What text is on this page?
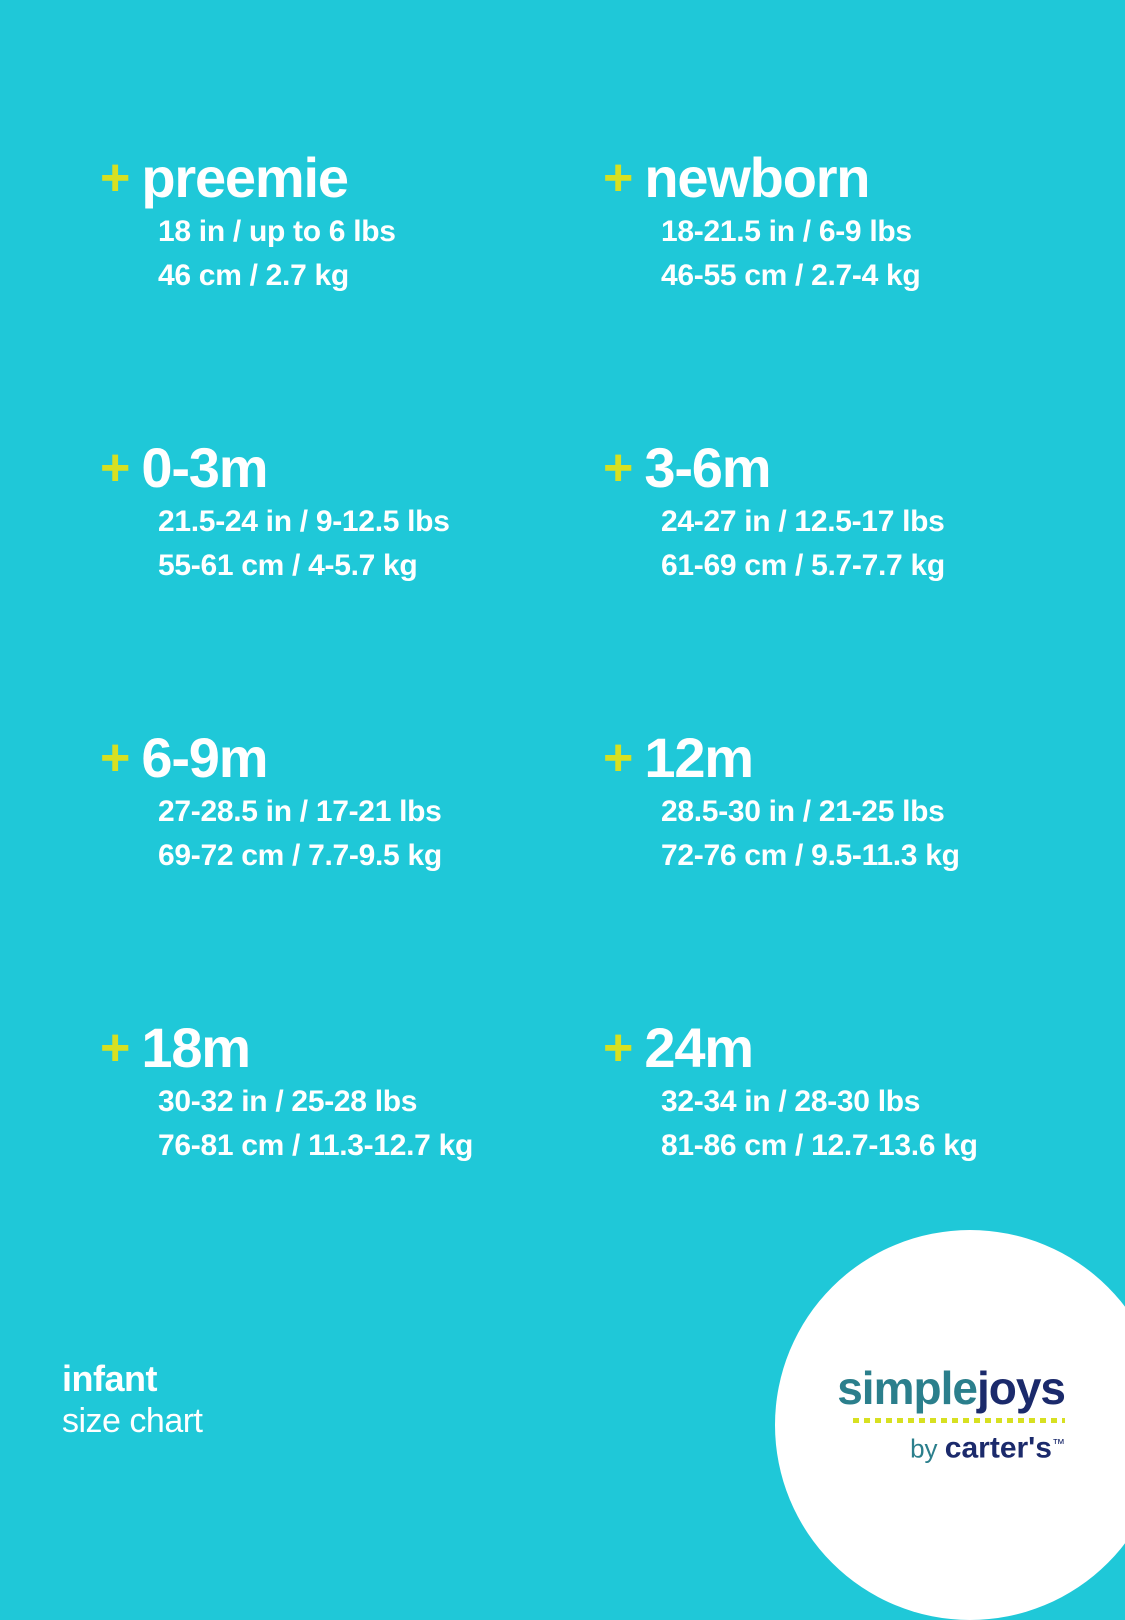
+ preemie
18 in / up to 6 lbs
46 cm / 2.7 kg
+ newborn
18-21.5 in / 6-9 lbs
46-55 cm / 2.7-4 kg
+ 0-3m
21.5-24 in / 9-12.5 lbs
55-61 cm / 4-5.7 kg
+ 3-6m
24-27 in / 12.5-17 lbs
61-69 cm / 5.7-7.7 kg
+ 6-9m
27-28.5 in / 17-21 lbs
69-72 cm / 7.7-9.5 kg
+ 12m
28.5-30 in / 21-25 lbs
72-76 cm / 9.5-11.3 kg
+ 18m
30-32 in / 25-28 lbs
76-81 cm / 11.3-12.7 kg
+ 24m
32-34 in / 28-30 lbs
81-86 cm / 12.7-13.6 kg
infant
size chart
simplejoys
by carter's™
